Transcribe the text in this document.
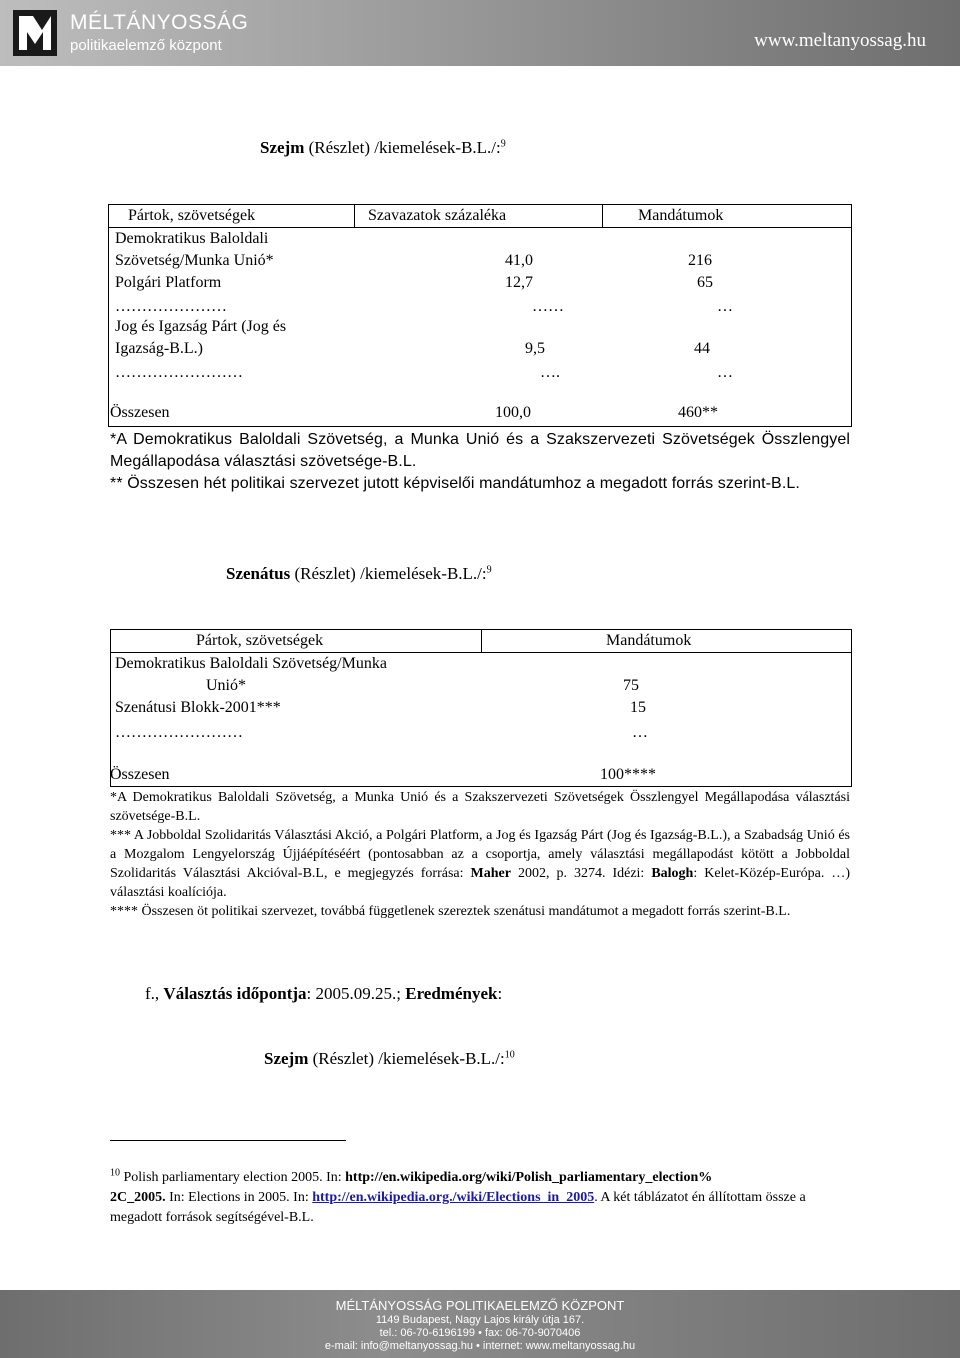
MÉLTÁNYOSSÁG
politikaelemző központ	www.meltanyossag.hu
Szejm (Részlet) /kiemelések-B.L./:$^9$

Pártok, szövetségek	Szavazatok százaléka	Mandátumok
Demokratikus Baloldali
Szövetség/Munka Unió*	41,0	216
Polgári Platform	12,7	65
…………………	……	…
Jog és Igazság Párt (Jog és
Igazság-B.L.)	9,5	44
……………………	….	…
Összesen	100,0	460**
*A Demokratikus Baloldali Szövetség, a Munka Unió és a Szakszervezeti Szövetségek Összlengyel Megállapodása választási szövetsége-B.L.
** Összesen hét politikai szervezet jutott képviselői mandátumhoz a megadott forrás szerint-B.L.
Szenátus (Részlet) /kiemelések-B.L./:$^9$

Pártok, szövetségek	Mandátumok
Demokratikus Baloldali Szövetség/Munka
Unió*	75
Szenátusi Blokk-2001***	15
……………………	…
Összesen	100****
*A Demokratikus Baloldali Szövetség, a Munka Unió és a Szakszervezeti Szövetségek Összlengyel Megállapodása választási szövetsége-B.L.
*** A Jobboldal Szolidaritás Választási Akció, a Polgári Platform, a Jog és Igazság Párt (Jog és Igazság-B.L.), a Szabadság Unió és a Mozgalom Lengyelország Újjáépítéséért (pontosabban az a csoportja, amely választási megállapodást kötött a Jobboldal Szolidaritás Választási Akcióval-B.L, e megjegyzés forrása: Maher 2002, p. 3274. Idézi: Balogh: Kelet-Közép-Európa. …) választási koalíciója.
**** Összesen öt politikai szervezet, továbbá függetlenek szereztek szenátusi mandátumot a megadott forrás szerint-B.L.
f., Választás időpontja: 2005.09.25.; Eredmények:
Szejm (Részlet) /kiemelések-B.L./:$^{10}$
$^{10}$ Polish parliamentary election 2005. In: http://en.wikipedia.org/wiki/Polish_parliamentary_election%
2C_2005. In: Elections in 2005. In: http://en.wikipedia.org./wiki/Elections_in_2005. A két táblázatot én állítottam össze a megadott források segítségével-B.L.
MÉLTÁNYOSSÁG POLITIKAELEMZŐ KÖZPONT
1149 Budapest, Nagy Lajos király útja 167.
tel.: 06-70-6196199 • fax: 06-70-9070406
e-mail: info@meltanyossag.hu • internet: www.meltanyossag.hu
